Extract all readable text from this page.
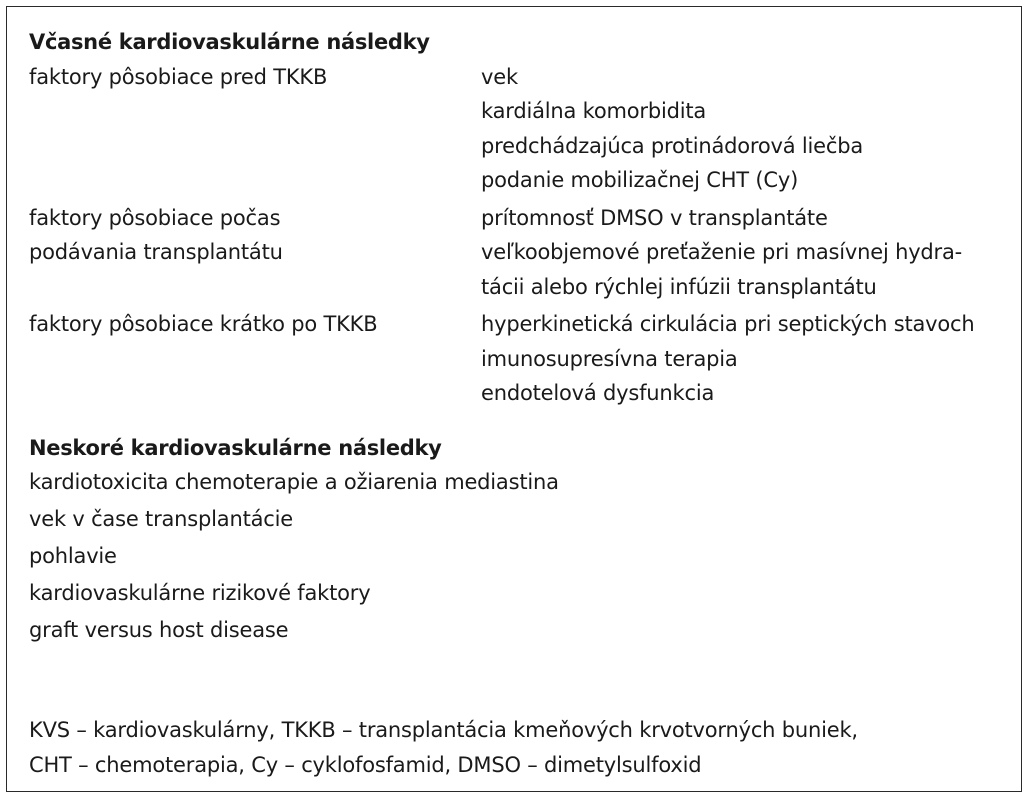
Včasné kardiovaskulárne následky
faktory pôsobiace pred TKKB	vek
kardiálna komorbidita
predchádzajúca protinádorová liečba
podanie mobilizačnej CHT (Cy)
faktory pôsobiace počas
podávania transplantátu
prítomnosť DMSO v transplantáte
veľkoobjemové preťaženie pri masívnej hydra-
tácii alebo rýchlej infúzii transplantátu
faktory pôsobiace krátko po TKKB	hyperkinetická cirkulácia pri septických stavoch
imunosupresívna terapia
endotelová dysfunkcia
Neskoré kardiovaskulárne následky
kardiotoxicita chemoterapie a ožiarenia mediastina
vek v čase transplantácie
pohlavie
kardiovaskulárne rizikové faktory
graft versus host disease
KVS – kardiovaskulárny, TKKB – transplantácia kmeňových krvotvorných buniek,
CHT – chemoterapia, Cy – cyklofosfamid, DMSO – dimetylsulfoxid
